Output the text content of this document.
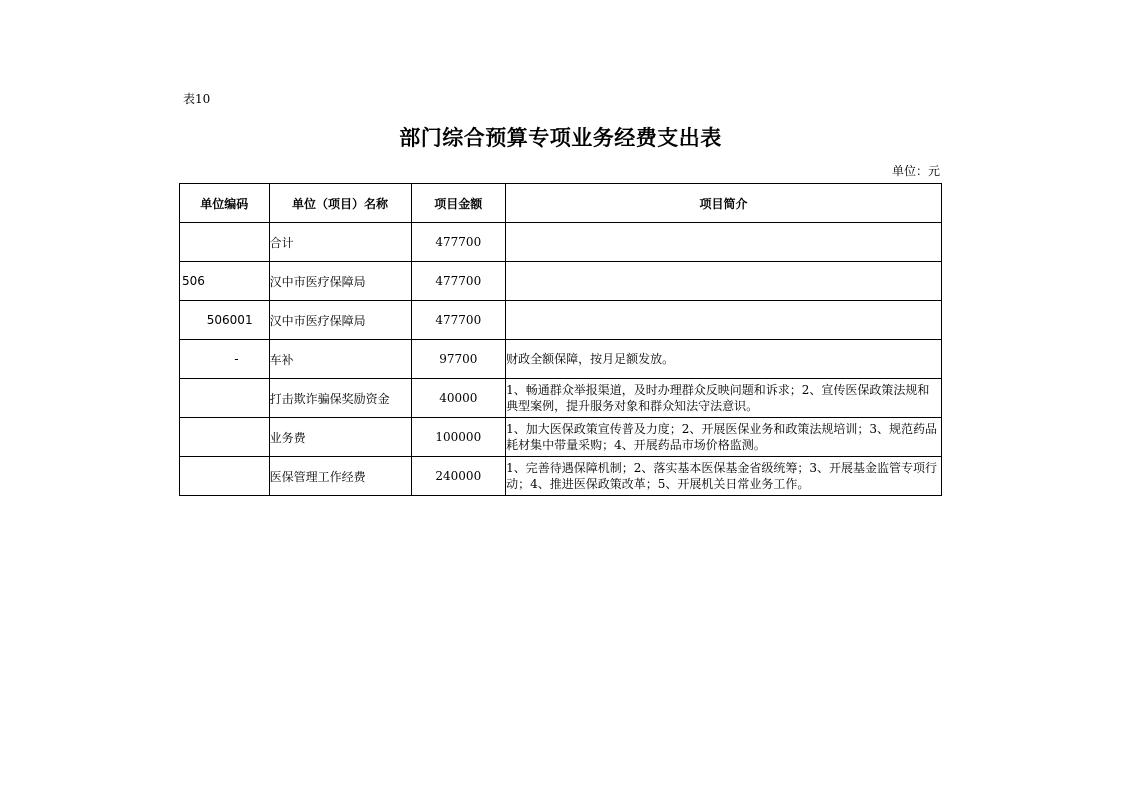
表10
部门综合预算专项业务经费支出表
单位：元
单位编码	单位（项目）名称	项目金额	项目简介
	合计	477700	
506	汉中市医疗保障局	477700	
506001	汉中市医疗保障局	477700	
-	车补	97700	财政全额保障，按月足额发放。
	打击欺诈骗保奖励资金	40000	1、畅通群众举报渠道，及时办理群众反映问题和诉求；2、宣传医保政策法规和典型案例，提升服务对象和群众知法守法意识。
	业务费	100000	1、加大医保政策宣传普及力度；2、开展医保业务和政策法规培训；3、规范药品耗材集中带量采购；4、开展药品市场价格监测。
	医保管理工作经费	240000	1、完善待遇保障机制；2、落实基本医保基金省级统筹；3、开展基金监管专项行动；4、推进医保政策改革；5、开展机关日常业务工作。
